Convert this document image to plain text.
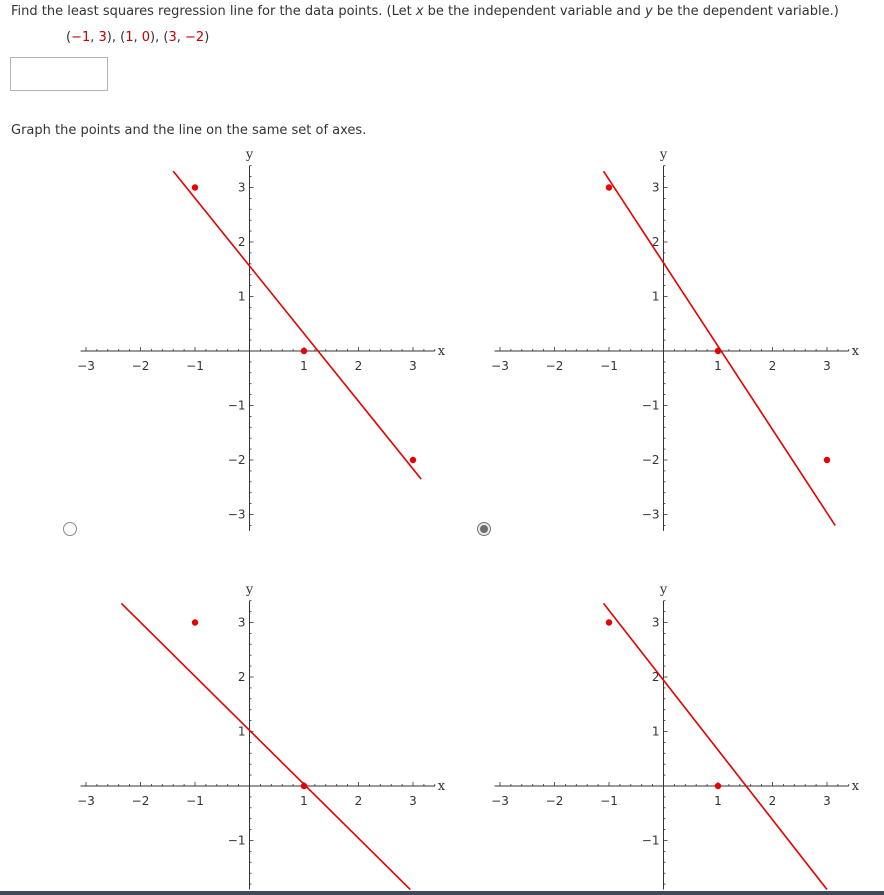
Find the least squares regression line for the data points. (Let x be the independent variable and y be the dependent variable.)
(−1, 3), (1, 0), (3, −2)
Graph the points and the line on the same set of axes.
x
y
−3	−2	−1	1	2	3
3
2
1
−1
−2
−3
x
y
−3	−2	−1	1	2	3
3
2
1
−1
−2
−3
x
y
−3	−2	−1	1	2	3
3
2
1
−1
x
y
−3	−2	−1	1	2	3
3
2
1
−1
